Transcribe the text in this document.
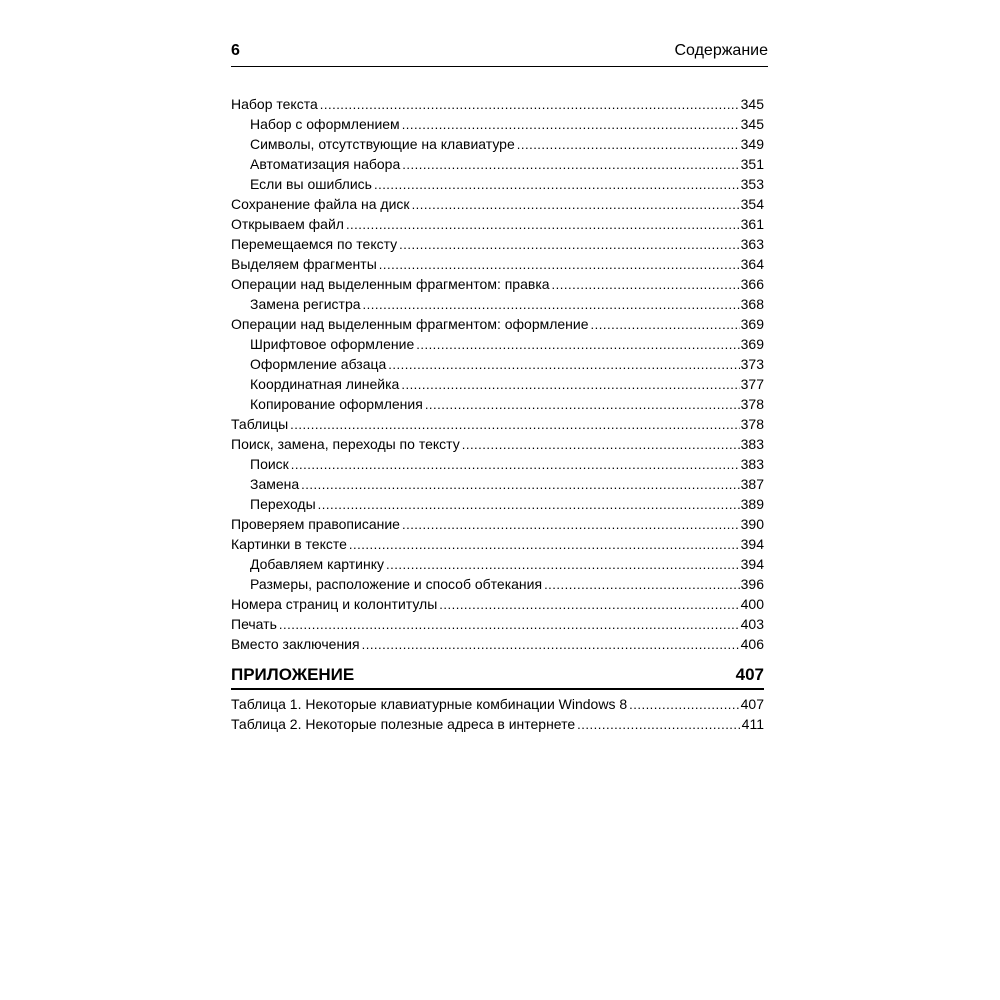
6	Содержание
Набор текста .....	345
Набор с оформлением .....	345
Символы, отсутствующие на клавиатуре .....	349
Автоматизация набора .....	351
Если вы ошиблись .....	353
Сохранение файла на диск .....	354
Открываем файл .....	361
Перемещаемся по тексту .....	363
Выделяем фрагменты .....	364
Операции над выделенным фрагментом: правка .....	366
Замена регистра .....	368
Операции над выделенным фрагментом: оформление .....	369
Шрифтовое оформление .....	369
Оформление абзаца .....	373
Координатная линейка .....	377
Копирование оформления .....	378
Таблицы .....	378
Поиск, замена, переходы по тексту .....	383
Поиск .....	383
Замена .....	387
Переходы .....	389
Проверяем правописание .....	390
Картинки в тексте .....	394
Добавляем картинку .....	394
Размеры, расположение и способ обтекания .....	396
Номера страниц и колонтитулы .....	400
Печать .....	403
Вместо заключения .....	406
ПРИЛОЖЕНИЕ	407
Таблица 1. Некоторые клавиатурные комбинации Windows 8 .....	407
Таблица 2. Некоторые полезные адреса в интернете .....	411
